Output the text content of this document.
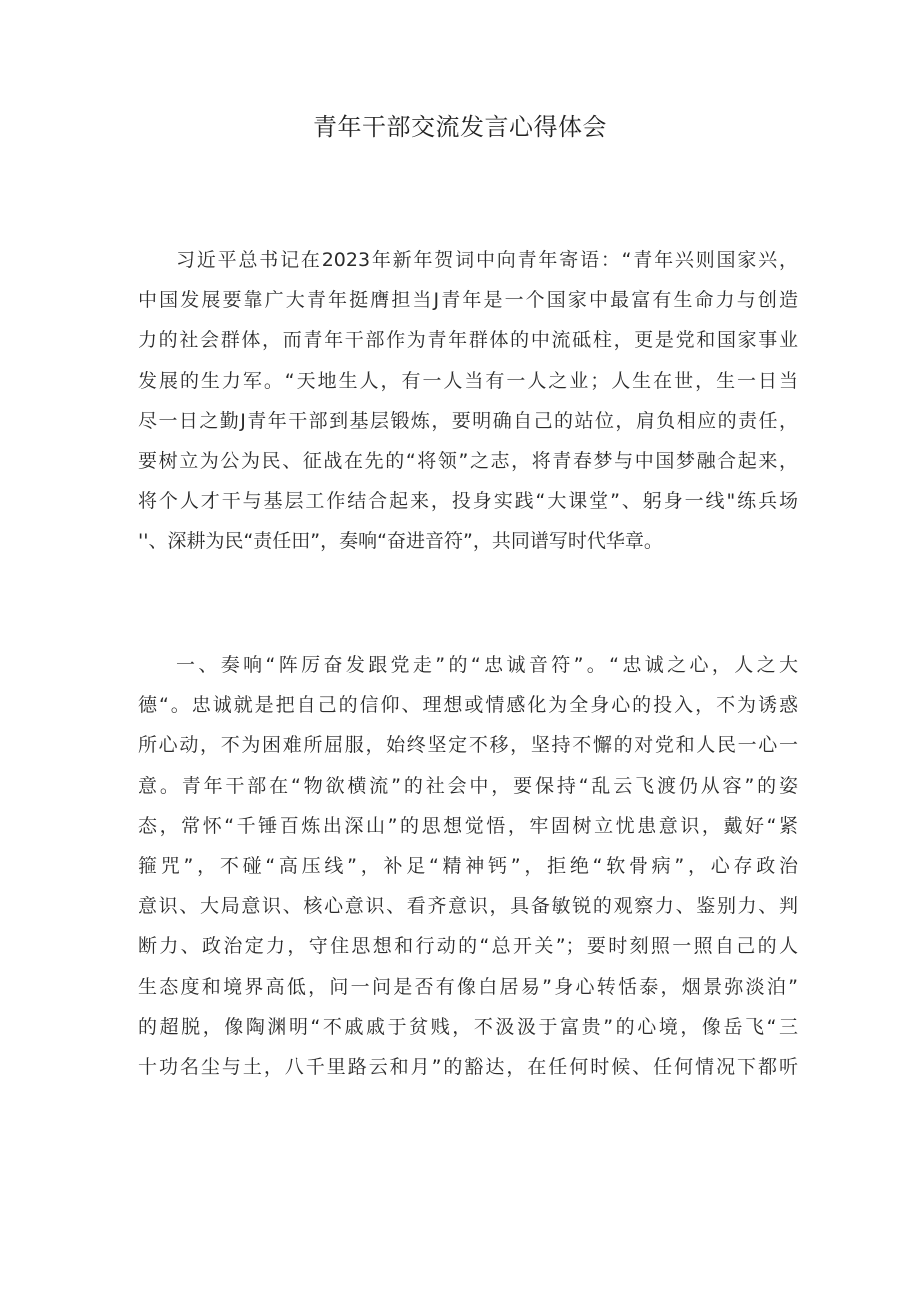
青年干部交流发言心得体会
习近平总书记在2023年新年贺词中向青年寄语：“青年兴则国家兴，
中国发展要靠广大青年挺膺担当J青年是一个国家中最富有生命力与创造
力的社会群体，而青年干部作为青年群体的中流砥柱，更是党和国家事业
发展的生力军。“天地生人，有一人当有一人之业；人生在世，生一日当
尽一日之勤J青年干部到基层锻炼，要明确自己的站位，肩负相应的责任，
要树立为公为民、征战在先的“将领”之志，将青春梦与中国梦融合起来，
将个人才干与基层工作结合起来，投身实践“大课堂”、躬身一线"练兵场
''、深耕为民“责任田”，奏响“奋进音符”，共同谱写时代华章。
一、奏响“阵厉奋发跟党走”的“忠诚音符”。“忠诚之心，人之大
德“。忠诚就是把自己的信仰、理想或情感化为全身心的投入，不为诱惑
所心动，不为困难所屈服，始终坚定不移，坚持不懈的对党和人民一心一
意。青年干部在“物欲横流”的社会中，要保持“乱云飞渡仍从容”的姿
态，常怀“千锤百炼出深山”的思想觉悟，牢固树立忧患意识，戴好“紧
箍咒”，不碰“高压线”，补足“精神钙”，拒绝“软骨病”，心存政治
意识、大局意识、核心意识、看齐意识，具备敏锐的观察力、鉴别力、判
断力、政治定力，守住思想和行动的“总开关”；要时刻照一照自己的人
生态度和境界高低，问一问是否有像白居易”身心转恬泰，烟景弥淡泊”
的超脱，像陶渊明“不戚戚于贫贱，不汲汲于富贵”的心境，像岳飞“三
十功名尘与土，八千里路云和月”的豁达，在任何时候、任何情况下都听
